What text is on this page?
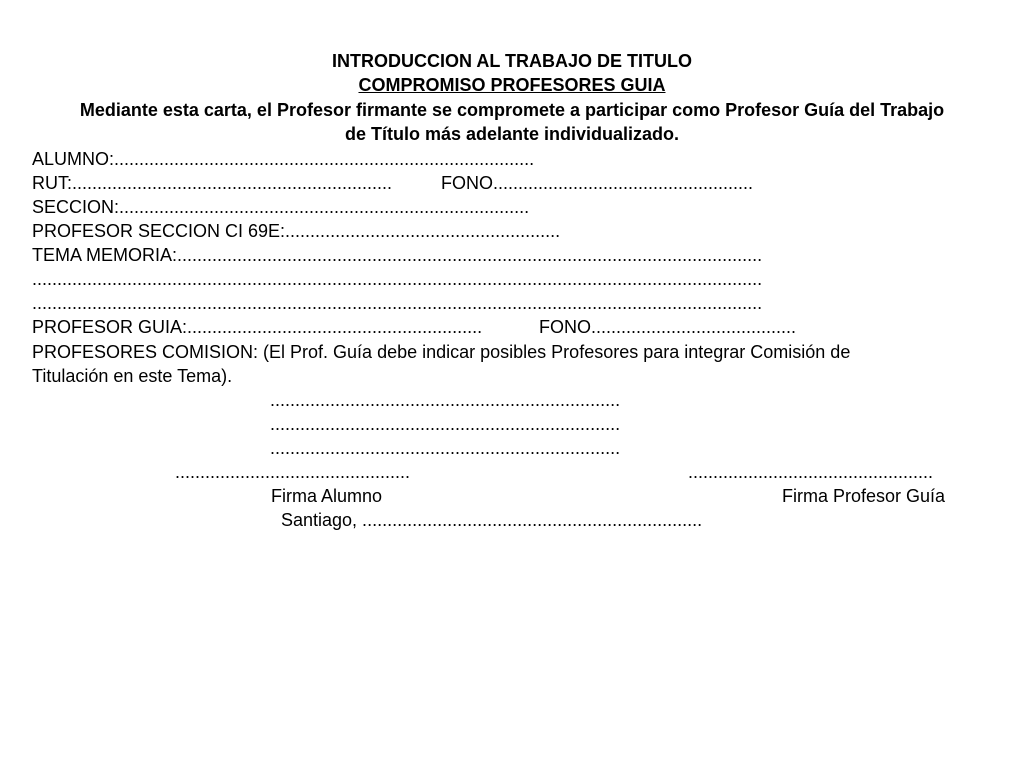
INTRODUCCION AL TRABAJO DE TITULO
COMPROMISO PROFESORES GUIA
Mediante esta carta, el Profesor firmante se compromete a participar como Profesor Guía del Trabajo
de Título más adelante individualizado.
ALUMNO:....................................................................................
RUT:................................................................	FONO....................................................
SECCION:..................................................................................
PROFESOR SECCION CI 69E:.......................................................
TEMA MEMORIA:.....................................................................................................................
..................................................................................................................................................
..................................................................................................................................................
PROFESOR GUIA:...........................................................	FONO.........................................
PROFESORES COMISION: (El Prof. Guía debe indicar posibles Profesores para integrar Comisión de
Titulación en este Tema).
......................................................................
......................................................................
......................................................................
...............................................	.................................................
Firma Alumno	Firma Profesor Guía
Santiago, ....................................................................
